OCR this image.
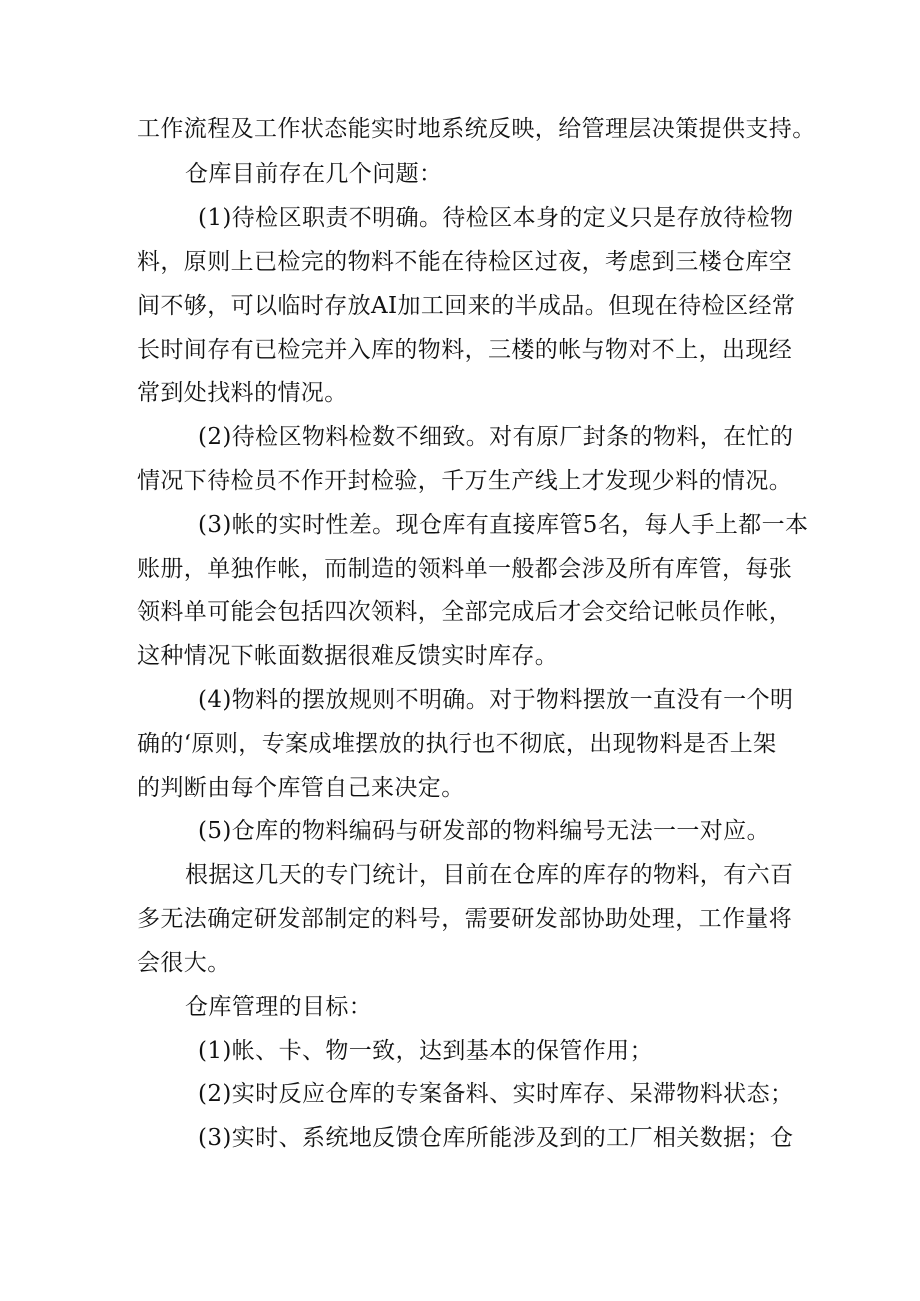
工作流程及工作状态能实时地系统反映，给管理层决策提供支持。
仓库目前存在几个问题：
(1)待检区职责不明确。待检区本身的定义只是存放待检物
料，原则上已检完的物料不能在待检区过夜，考虑到三楼仓库空
间不够，可以临时存放AI加工回来的半成品。但现在待检区经常
长时间存有已检完并入库的物料，三楼的帐与物对不上，出现经
常到处找料的情况。
(2)待检区物料检数不细致。对有原厂封条的物料，在忙的
情况下待检员不作开封检验，千万生产线上才发现少料的情况。
(3)帐的实时性差。现仓库有直接库管5名，每人手上都一本
账册，单独作帐，而制造的领料单一般都会涉及所有库管，每张
领料单可能会包括四次领料，全部完成后才会交给记帐员作帐，
这种情况下帐面数据很难反馈实时库存。
(4)物料的摆放规则不明确。对于物料摆放一直没有一个明
确的‘原则，专案成堆摆放的执行也不彻底，出现物料是否上架
的判断由每个库管自己来决定。
(5)仓库的物料编码与研发部的物料编号无法一一对应。
根据这几天的专门统计，目前在仓库的库存的物料，有六百
多无法确定研发部制定的料号，需要研发部协助处理，工作量将
会很大。
仓库管理的目标：
(1)帐、卡、物一致，达到基本的保管作用；
(2)实时反应仓库的专案备料、实时库存、呆滞物料状态；
(3)实时、系统地反馈仓库所能涉及到的工厂相关数据；仓
